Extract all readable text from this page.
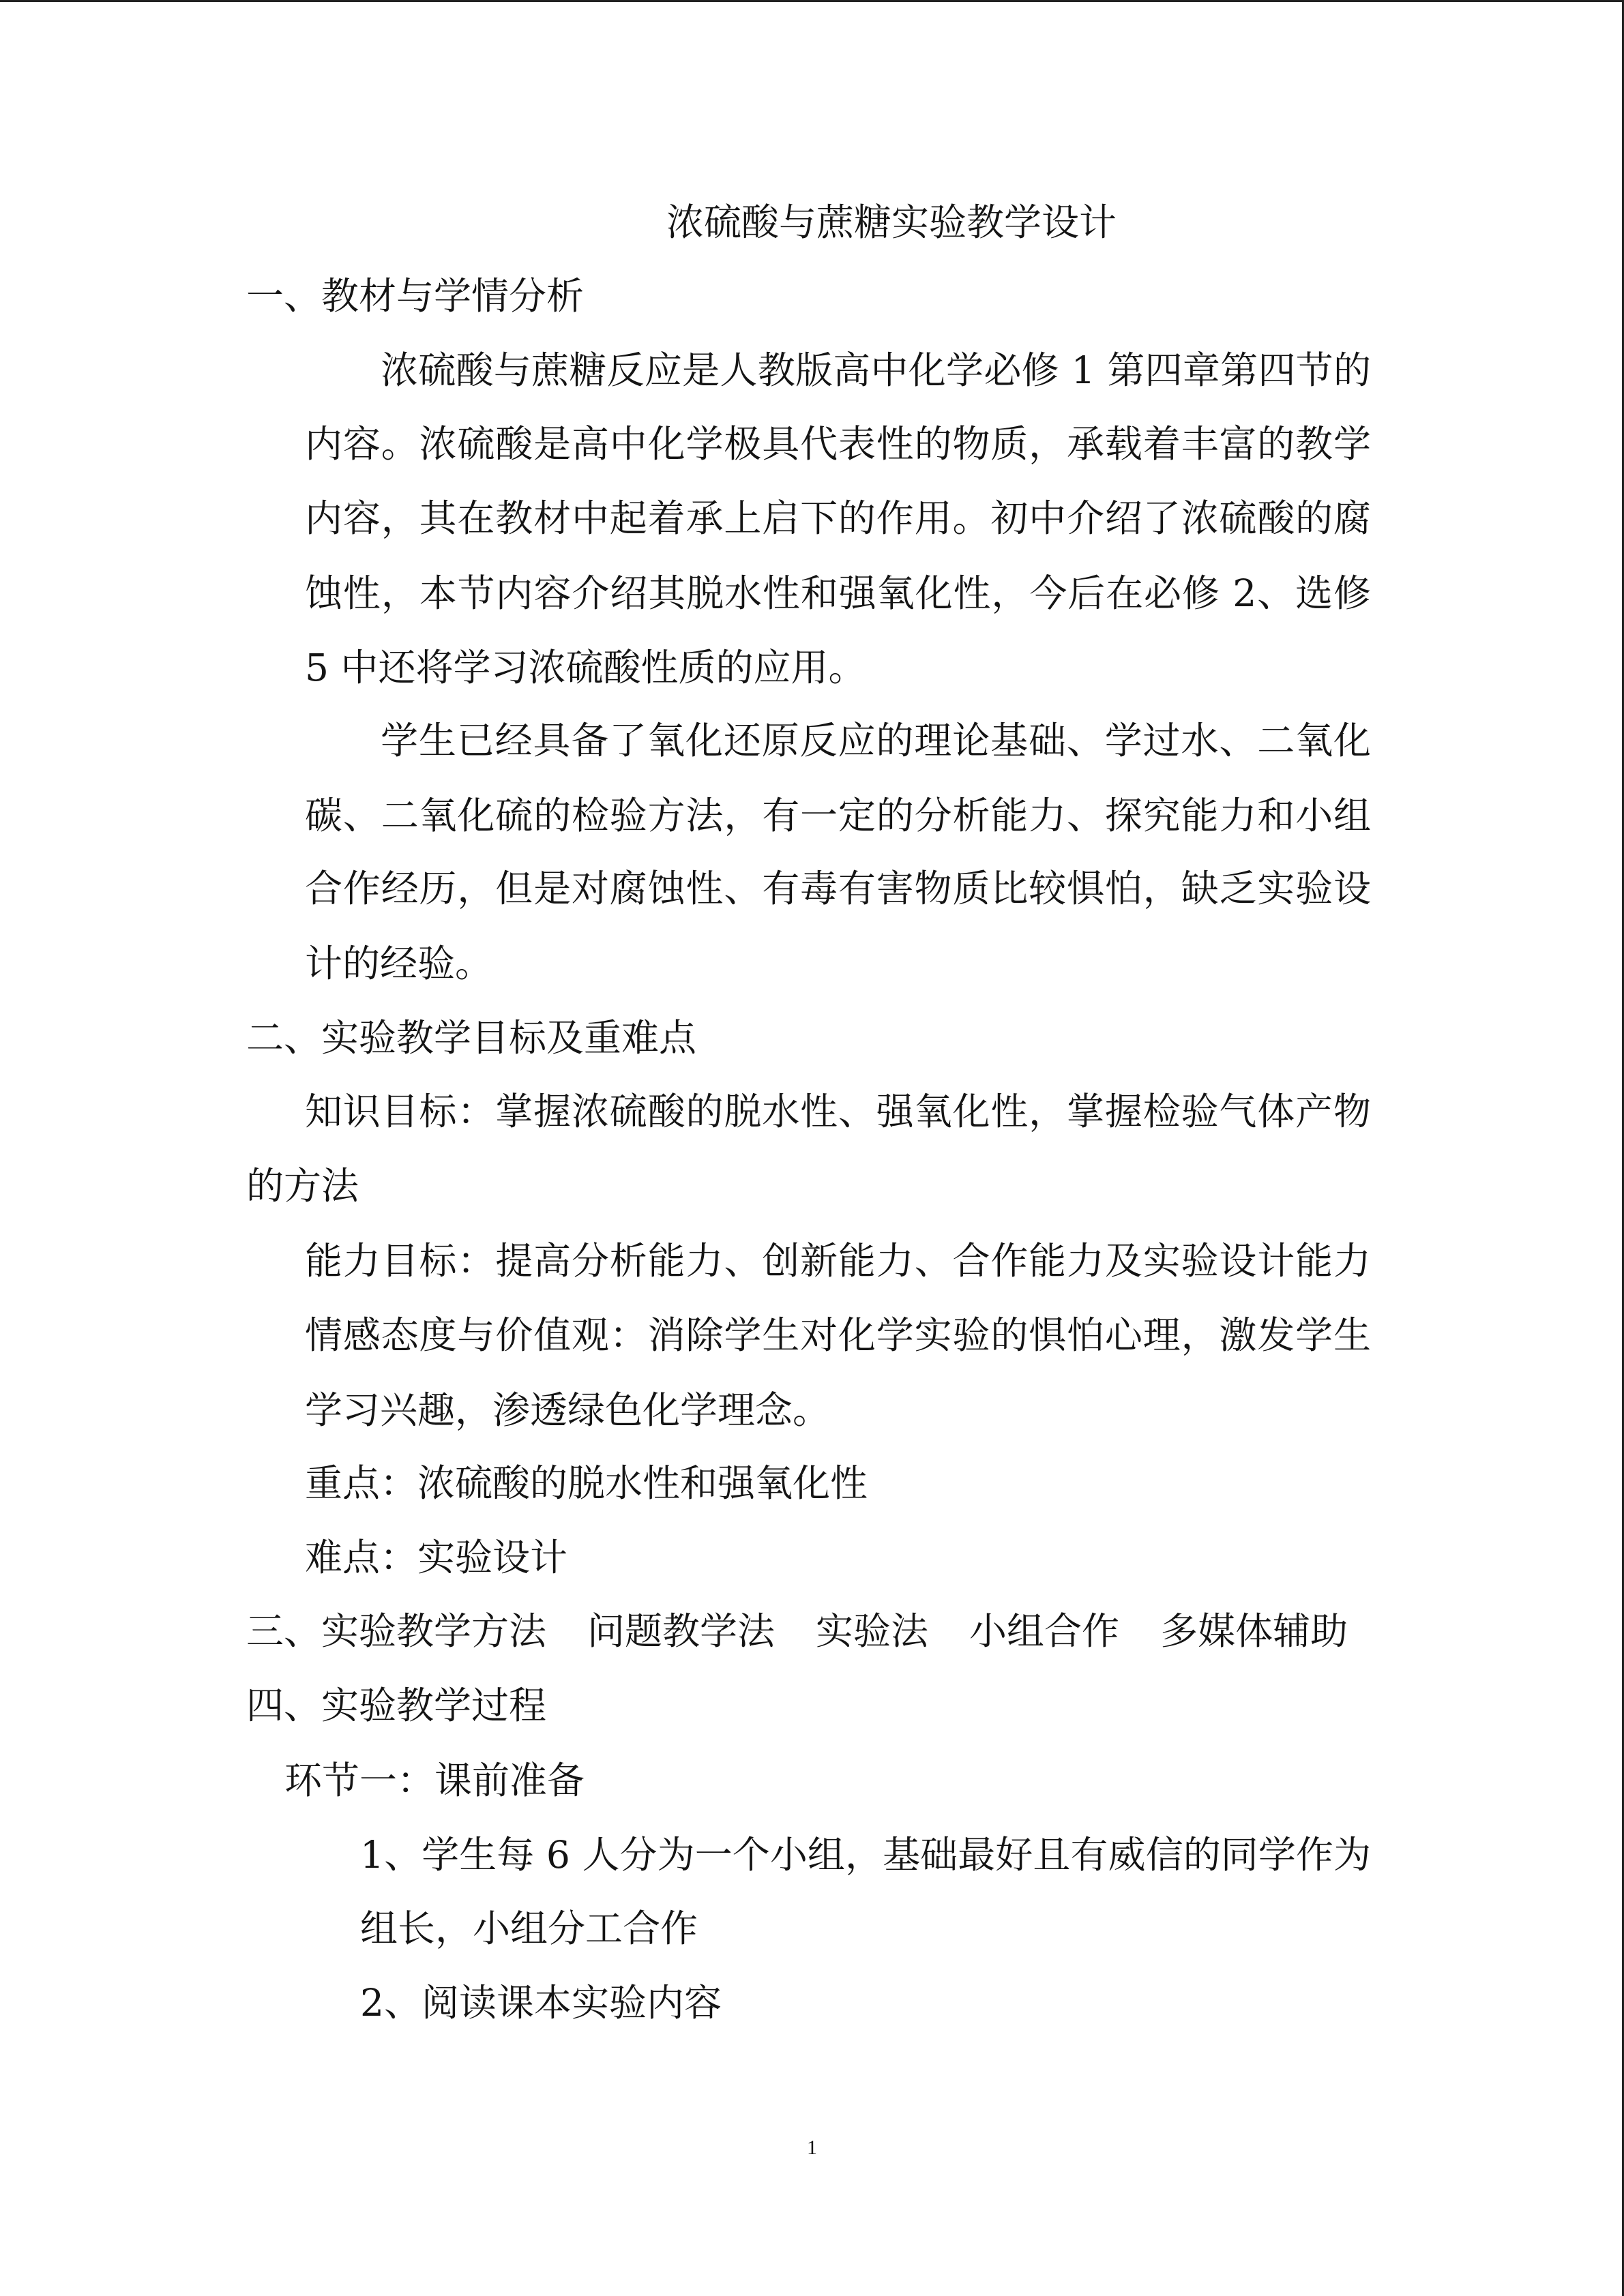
浓硫酸与蔗糖实验教学设计
一、教材与学情分析
浓硫酸与蔗糖反应是人教版高中化学必修 1 第四章第四节的
内容。浓硫酸是高中化学极具代表性的物质，承载着丰富的教学
内容，其在教材中起着承上启下的作用。初中介绍了浓硫酸的腐
蚀性，本节内容介绍其脱水性和强氧化性，今后在必修 2、选修
5 中还将学习浓硫酸性质的应用。
学生已经具备了氧化还原反应的理论基础、学过水、二氧化
碳、二氧化硫的检验方法，有一定的分析能力、探究能力和小组
合作经历，但是对腐蚀性、有毒有害物质比较惧怕，缺乏实验设
计的经验。
二、实验教学目标及重难点
知识目标：掌握浓硫酸的脱水性、强氧化性，掌握检验气体产物
的方法
能力目标：提高分析能力、创新能力、合作能力及实验设计能力
情感态度与价值观：消除学生对化学实验的惧怕心理，激发学生
学习兴趣，渗透绿色化学理念。
重点：浓硫酸的脱水性和强氧化性
难点：实验设计
三、实验教学方法 问题教学法 实验法 小组合作 多媒体辅助
四、实验教学过程
环节一：课前准备
1、学生每 6 人分为一个小组，基础最好且有威信的同学作为
组长，小组分工合作
2、阅读课本实验内容
1
